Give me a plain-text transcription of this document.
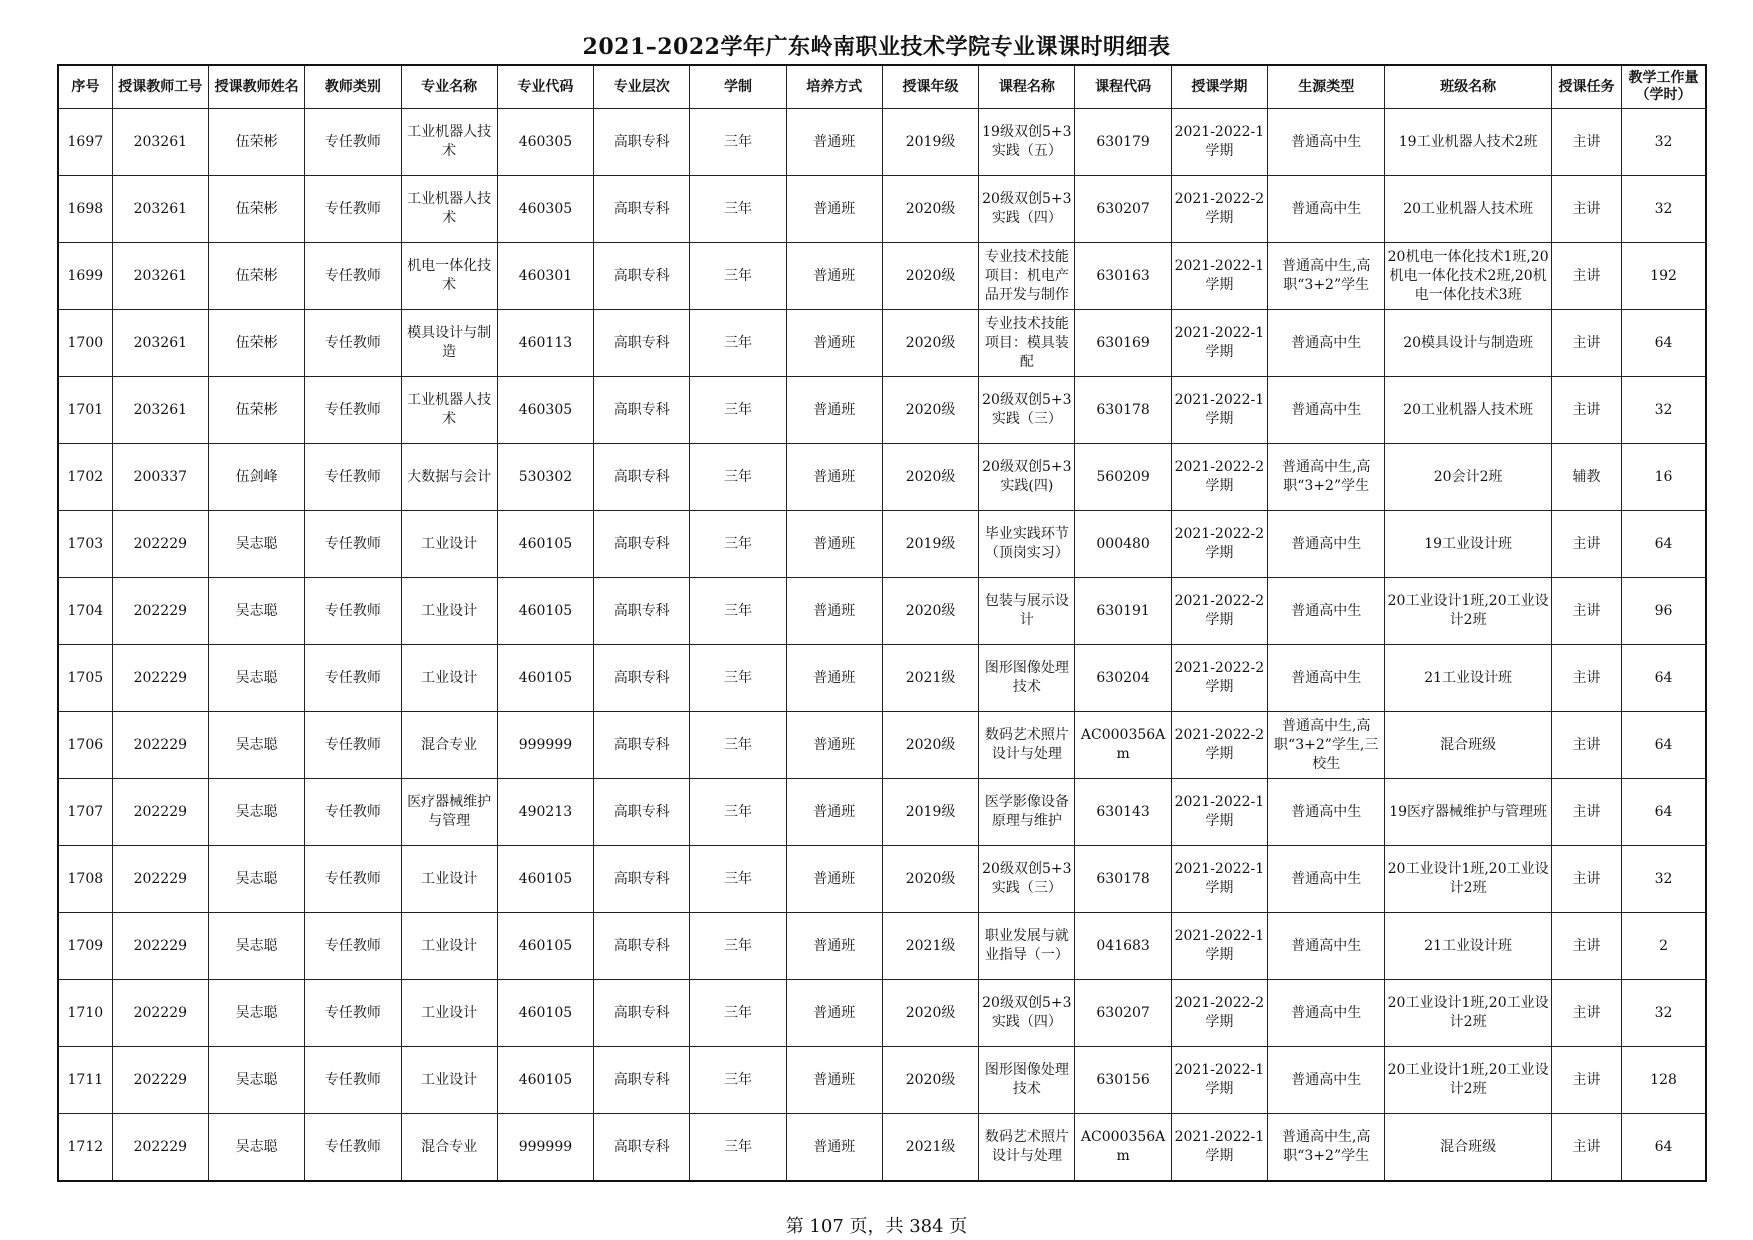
2021–2022学年广东岭南职业技术学院专业课课时明细表
序号	授课教师工号	授课教师姓名	教师类别	专业名称	专业代码	专业层次	学制	培养方式	授课年级	课程名称	课程代码	授课学期	生源类型	班级名称	授课任务	教学工作量（学时）

1697	203261	伍荣彬	专任教师	工业机器人技术	460305	高职专科	三年	普通班	2019级	19级双创5+3实践（五）	630179	2021-2022-1学期	普通高中生	19工业机器人技术2班	主讲	32

1698	203261	伍荣彬	专任教师	工业机器人技术	460305	高职专科	三年	普通班	2020级	20级双创5+3实践（四）	630207	2021-2022-2学期	普通高中生	20工业机器人技术班	主讲	32

1699	203261	伍荣彬	专任教师	机电一体化技术	460301	高职专科	三年	普通班	2020级	专业技术技能项目：机电产品开发与制作	630163	2021-2022-1学期	普通高中生,高职“3+2”学生	20机电一体化技术1班,20机电一体化技术2班,20机电一体化技术3班	主讲	192

1700	203261	伍荣彬	专任教师	模具设计与制造	460113	高职专科	三年	普通班	2020级	专业技术技能项目：模具装配	630169	2021-2022-1学期	普通高中生	20模具设计与制造班	主讲	64

1701	203261	伍荣彬	专任教师	工业机器人技术	460305	高职专科	三年	普通班	2020级	20级双创5+3实践（三）	630178	2021-2022-1学期	普通高中生	20工业机器人技术班	主讲	32

1702	200337	伍剑峰	专任教师	大数据与会计	530302	高职专科	三年	普通班	2020级	20级双创5+3实践(四)	560209	2021-2022-2学期	普通高中生,高职“3+2”学生	20会计2班	辅教	16

1703	202229	吴志聪	专任教师	工业设计	460105	高职专科	三年	普通班	2019级	毕业实践环节（顶岗实习）	000480	2021-2022-2学期	普通高中生	19工业设计班	主讲	64

1704	202229	吴志聪	专任教师	工业设计	460105	高职专科	三年	普通班	2020级	包装与展示设计	630191	2021-2022-2学期	普通高中生	20工业设计1班,20工业设计2班	主讲	96

1705	202229	吴志聪	专任教师	工业设计	460105	高职专科	三年	普通班	2021级	图形图像处理技术	630204	2021-2022-2学期	普通高中生	21工业设计班	主讲	64

1706	202229	吴志聪	专任教师	混合专业	999999	高职专科	三年	普通班	2020级	数码艺术照片设计与处理	AC000356Am	2021-2022-2学期	普通高中生,高职“3+2”学生,三校生	混合班级	主讲	64

1707	202229	吴志聪	专任教师	医疗器械维护与管理	490213	高职专科	三年	普通班	2019级	医学影像设备原理与维护	630143	2021-2022-1学期	普通高中生	19医疗器械维护与管理班	主讲	64

1708	202229	吴志聪	专任教师	工业设计	460105	高职专科	三年	普通班	2020级	20级双创5+3实践（三）	630178	2021-2022-1学期	普通高中生	20工业设计1班,20工业设计2班	主讲	32

1709	202229	吴志聪	专任教师	工业设计	460105	高职专科	三年	普通班	2021级	职业发展与就业指导（一）	041683	2021-2022-1学期	普通高中生	21工业设计班	主讲	2

1710	202229	吴志聪	专任教师	工业设计	460105	高职专科	三年	普通班	2020级	20级双创5+3实践（四）	630207	2021-2022-2学期	普通高中生	20工业设计1班,20工业设计2班	主讲	32

1711	202229	吴志聪	专任教师	工业设计	460105	高职专科	三年	普通班	2020级	图形图像处理技术	630156	2021-2022-1学期	普通高中生	20工业设计1班,20工业设计2班	主讲	128

1712	202229	吴志聪	专任教师	混合专业	999999	高职专科	三年	普通班	2021级	数码艺术照片设计与处理	AC000356Am	2021-2022-1学期	普通高中生,高职“3+2”学生	混合班级	主讲	64
第 107 页，共 384 页
